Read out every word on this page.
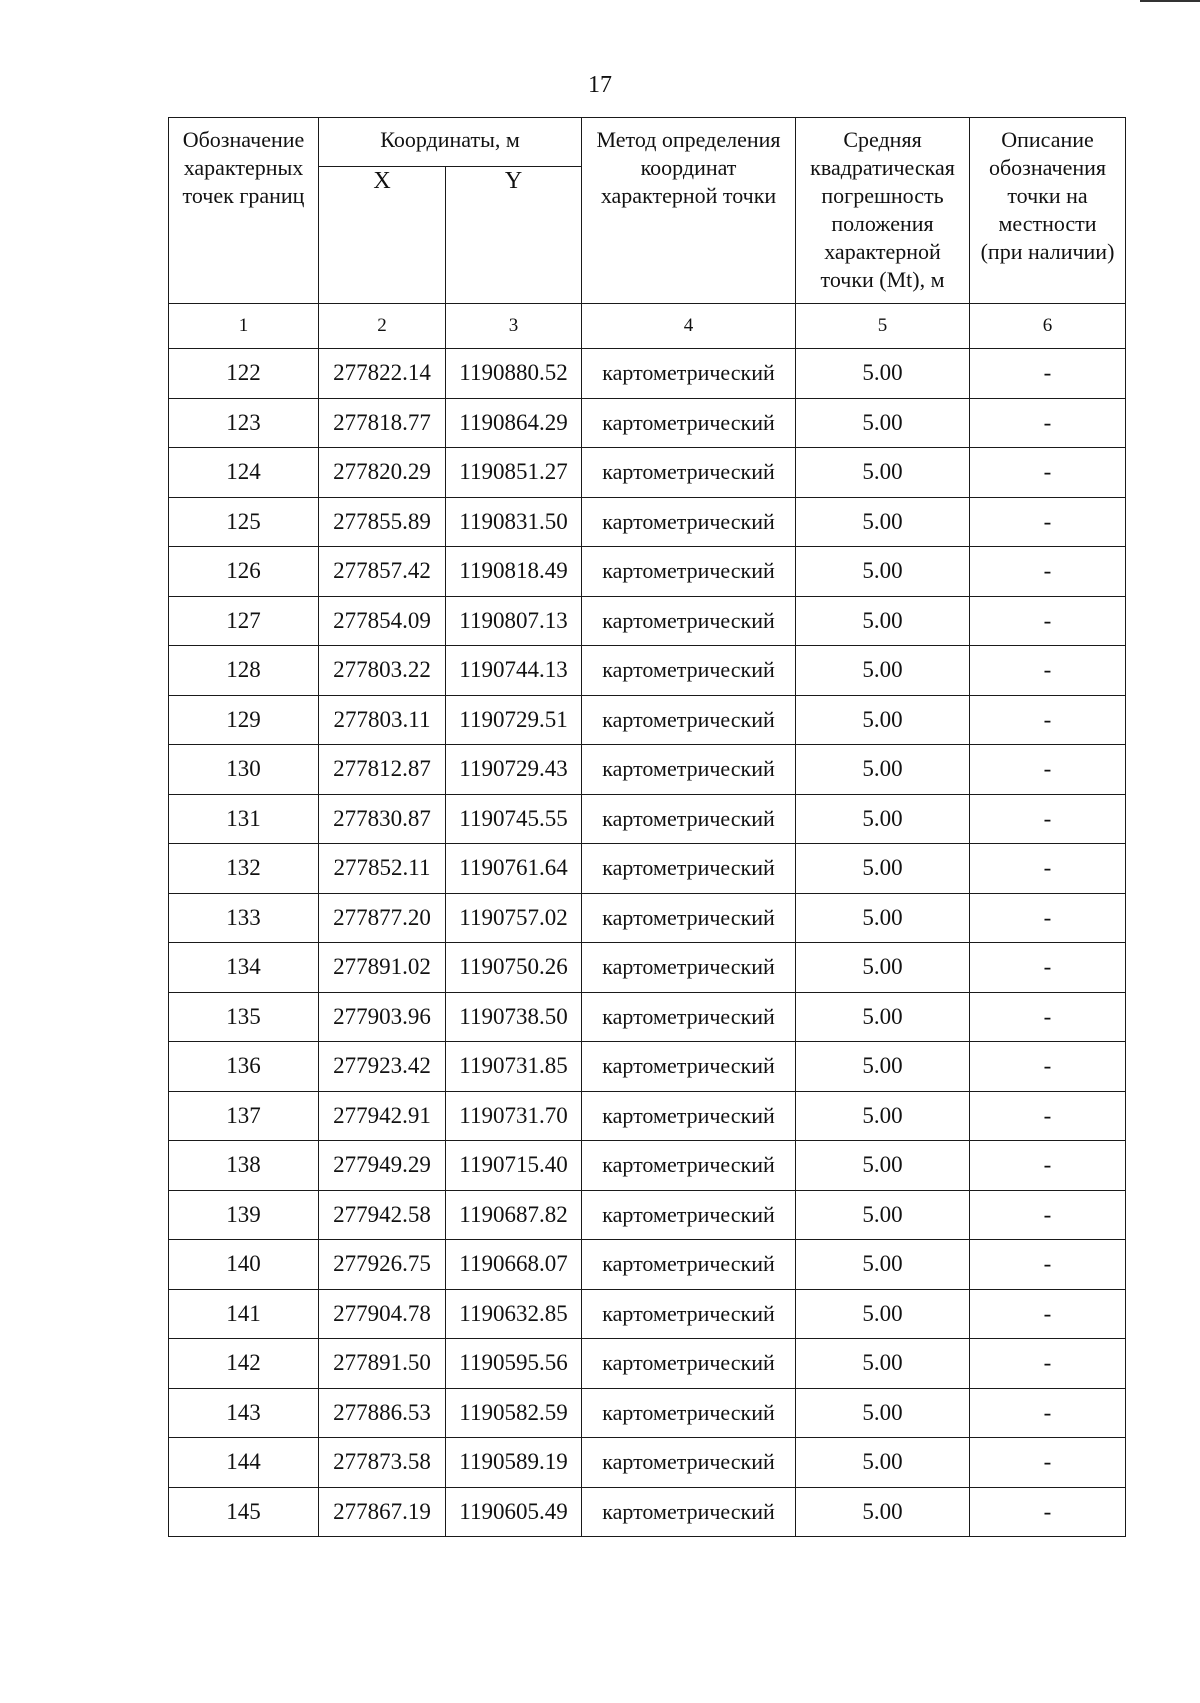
17
Обозначение характерных точек границ	Координаты, м		Метод определения координат характерной точки	Средняя квадратическая погрешность положения характерной точки (Mt), м	Описание обозначения точки на местности (при наличии)
	X	Y			
1	2	3	4	5	6
122	277822.14	1190880.52	картометрический	5.00	-
123	277818.77	1190864.29	картометрический	5.00	-
124	277820.29	1190851.27	картометрический	5.00	-
125	277855.89	1190831.50	картометрический	5.00	-
126	277857.42	1190818.49	картометрический	5.00	-
127	277854.09	1190807.13	картометрический	5.00	-
128	277803.22	1190744.13	картометрический	5.00	-
129	277803.11	1190729.51	картометрический	5.00	-
130	277812.87	1190729.43	картометрический	5.00	-
131	277830.87	1190745.55	картометрический	5.00	-
132	277852.11	1190761.64	картометрический	5.00	-
133	277877.20	1190757.02	картометрический	5.00	-
134	277891.02	1190750.26	картометрический	5.00	-
135	277903.96	1190738.50	картометрический	5.00	-
136	277923.42	1190731.85	картометрический	5.00	-
137	277942.91	1190731.70	картометрический	5.00	-
138	277949.29	1190715.40	картометрический	5.00	-
139	277942.58	1190687.82	картометрический	5.00	-
140	277926.75	1190668.07	картометрический	5.00	-
141	277904.78	1190632.85	картометрический	5.00	-
142	277891.50	1190595.56	картометрический	5.00	-
143	277886.53	1190582.59	картометрический	5.00	-
144	277873.58	1190589.19	картометрический	5.00	-
145	277867.19	1190605.49	картометрический	5.00	-
